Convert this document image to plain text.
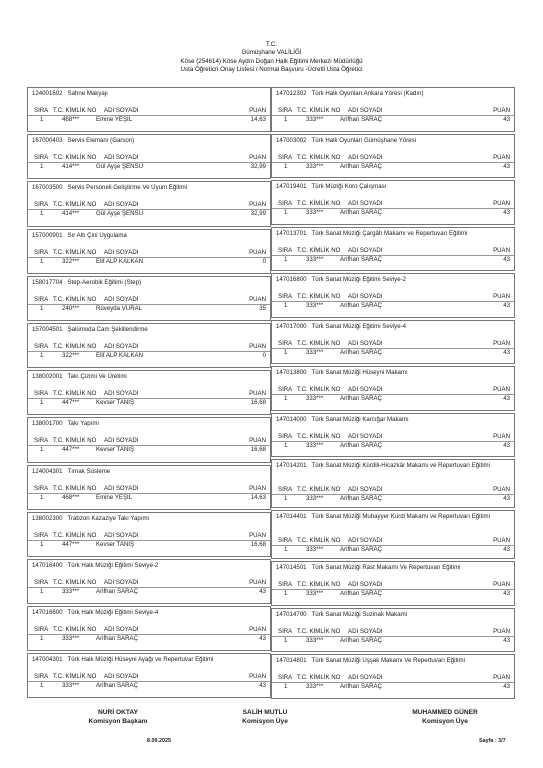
T.C.
Gümüşhane VALİLİĞİ
Köse (254614) Köse Aydın Doğan Halk Eğitimi Merkezi Müdürlüğü
Usta Öğreticri Onay Listesi / Normal Başvuru -Ücretli Usta Öğretici
124001602 Sahne Makyajı
SIRA T.C. KİMLİK NO ADI SOYADI	PUAN
1	468***	Emine YEŞİL	14,63
167000403 Servis Elemanı (Garson)
SIRA T.C. KİMLİK NO ADI SOYADI	PUAN
1	414***	Gül Ayşe ŞENSU	32,99
167003500 Servis Personeli Geliştirme Ve Uyum Eğitimi
SIRA T.C. KİMLİK NO ADI SOYADI	PUAN
1	414***	Gül Ayşe ŞENSU	32,99
157000901 Sır Altı Çini Uygulama
SIRA T.C. KİMLİK NO ADI SOYADI	PUAN
1	322***	Elif ALP KALKAN	0
158017704 Step-Aerobik Eğitimi (Step)
SIRA T.C. KİMLİK NO ADI SOYADI	PUAN
1	240***	Rüveyda VURAL	35
157004501 Şalümoda Cam Şekillendirme
SIRA T.C. KİMLİK NO ADI SOYADI	PUAN
1	322***	Elif ALP KALKAN	0
138002001 Takı Çizimi Ve Üretimi
SIRA T.C. KİMLİK NO ADI SOYADI	PUAN
1	447***	Kevser TANIŞ	16,68
138001700 Takı Yapımı
SIRA T.C. KİMLİK NO ADI SOYADI	PUAN
1	447***	Kevser TANIŞ	16,68
124004301 Tırnak Süsleme
SIRA T.C. KİMLİK NO ADI SOYADI	PUAN
1	468***	Emine YEŞİL	14,63
138002300 Trabzon Kazaziye Takı Yapımı
SIRA T.C. KİMLİK NO ADI SOYADI	PUAN
1	447***	Kevser TANIŞ	16,68
147016400 Türk Halk Müziği Eğitimi Seviye-2
SIRA T.C. KİMLİK NO ADI SOYADI	PUAN
1	333***	Arifhan SARAÇ	43
147016600 Türk Halk Müziği Eğitimi Seviye-4
SIRA T.C. KİMLİK NO ADI SOYADI	PUAN
1	333***	Arifhan SARAÇ	43
147004301 Türk Halk Müziği Hüseyni Ayağı ve Repertuvar Eğitimi
SIRA T.C. KİMLİK NO ADI SOYADI	PUAN
1	333***	Arifhan SARAÇ	43
147012302 Türk Halk Oyunları Ankara Yöresi (Kadın)
SIRA T.C. KİMLİK NO ADI SOYADI	PUAN
1	333***	Arifhan SARAÇ	43
147003002 Türk Halk Oyunları Gümüşhane Yöresi
SIRA T.C. KİMLİK NO ADI SOYADI	PUAN
1	333***	Arifhan SARAÇ	43
147019401 Türk Müziği Koro Çalışması
SIRA T.C. KİMLİK NO ADI SOYADI	PUAN
1	333***	Arifhan SARAÇ	43
147013701 Türk Sanat Müziği Çargâh Makamı ve Repertuvarı Eğitimi
SIRA T.C. KİMLİK NO ADI SOYADI	PUAN
1	333***	Arifhan SARAÇ	43
147016800 Türk Sanat Müziği Eğitimi Seviye-2
SIRA T.C. KİMLİK NO ADI SOYADI	PUAN
1	333***	Arifhan SARAÇ	43
147017000 Türk Sanat Müziği Eğitimi Seviye-4
SIRA T.C. KİMLİK NO ADI SOYADI	PUAN
1	333***	Arifhan SARAÇ	43
147013800 Türk Sanat Müziği Hüseyni Makamı
SIRA T.C. KİMLİK NO ADI SOYADI	PUAN
1	333***	Arifhan SARAÇ	43
147014000 Türk Sanat Müziği Karcığar Makamı
SIRA T.C. KİMLİK NO ADI SOYADI	PUAN
1	333***	Arifhan SARAÇ	43
147014201 Türk Sanat Müziği Kürdili-Hicazkâr Makamı ve Repertuvarı Eğitimi
SIRA T.C. KİMLİK NO ADI SOYADI	PUAN
1	333***	Arifhan SARAÇ	43
147014401 Türk Sanat Müziği Muhayyer Kürdi Makamı ve Repertuvarı Eğitimi
SIRA T.C. KİMLİK NO ADI SOYADI	PUAN
1	333***	Arifhan SARAÇ	43
147014501 Türk Sanat Müziği Rast Makamı Ve Repertuvarı Eğitimi
SIRA T.C. KİMLİK NO ADI SOYADI	PUAN
1	333***	Arifhan SARAÇ	43
147014700 Türk Sanat Müziği Suzinak Makamı
SIRA T.C. KİMLİK NO ADI SOYADI	PUAN
1	333***	Arifhan SARAÇ	43
147014801 Türk Sanat Müziği Uşşak Makamı Ve Repertuvarı Eğitimi
SIRA T.C. KİMLİK NO ADI SOYADI	PUAN
1	333***	Arifhan SARAÇ	43
NURİ OKTAY
Komisyon Başkanı
SALİH MUTLU
Komisyon Üye
MUHAMMED GÜNER
Komisyon Üye
8.09.2025	Sayfa : 3/7
